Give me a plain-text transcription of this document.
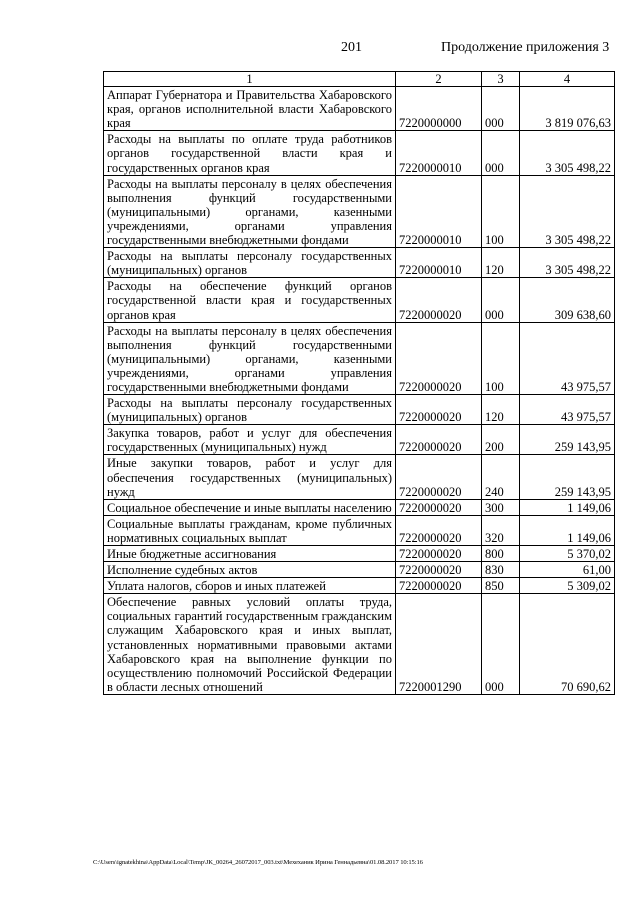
201	Продолжение приложения 3
1	2	3	4
Аппарат Губернатора и Правительства Хабаровского края, органов исполнительной власти Хабаровского края	7220000000	000	3 819 076,63
Расходы на выплаты по оплате труда работников органов государственной власти края и государственных органов края	7220000010	000	3 305 498,22
Расходы на выплаты персоналу в целях обеспечения выполнения функций государственными (муниципальными) органами, казенными учреждениями, органами управления государственными внебюджетными фондами	7220000010	100	3 305 498,22
Расходы на выплаты персоналу государственных (муниципальных) органов	7220000010	120	3 305 498,22
Расходы на обеспечение функций органов государственной власти края и государственных органов края	7220000020	000	309 638,60
Расходы на выплаты персоналу в целях обеспечения выполнения функций государственными (муниципальными) органами, казенными учреждениями, органами управления государственными внебюджетными фондами	7220000020	100	43 975,57
Расходы на выплаты персоналу государственных (муниципальных) органов	7220000020	120	43 975,57
Закупка товаров, работ и услуг для обеспечения государственных (муниципальных) нужд	7220000020	200	259 143,95
Иные закупки товаров, работ и услуг для обеспечения государственных (муниципальных) нужд	7220000020	240	259 143,95
Социальное обеспечение и иные выплаты населению	7220000020	300	1 149,06
Социальные выплаты гражданам, кроме публичных нормативных социальных выплат	7220000020	320	1 149,06
Иные бюджетные ассигнования	7220000020	800	5 370,02
Исполнение судебных актов	7220000020	830	61,00
Уплата налогов, сборов и иных платежей	7220000020	850	5 309,02
Обеспечение равных условий оплаты труда, социальных гарантий государственным гражданским служащим Хабаровского края и иных выплат, установленных нормативными правовыми актами Хабаровского края на выполнение функции по осуществлению полномочий Российской Федерации в области лесных отношений	7220001290	000	70 690,62
C:\Users\ignatekhina\AppData\Local\Temp\JK_00264_26072017_003.txt\Мехеханик Ирина Геннадьевна\01.08.2017 10:15:16
